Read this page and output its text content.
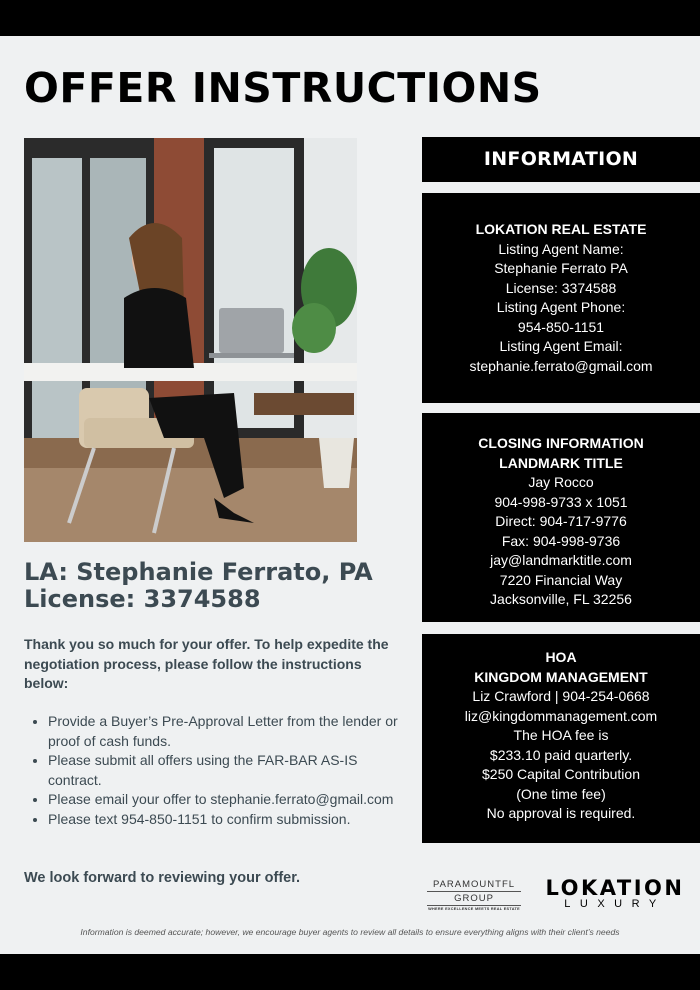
OFFER INSTRUCTIONS
LA: Stephanie Ferrato, PA
License: 3374588

Thank you so much for your offer. To help expedite the negotiation process, please follow the instructions below:

• Provide a Buyer’s Pre-Approval Letter from the lender or proof of cash funds.
• Please submit all offers using the FAR-BAR AS-IS contract.
• Please email your offer to stephanie.ferrato@gmail.com
• Please text 954-850-1151 to confirm submission.

We look forward to reviewing your offer.

INFORMATION
LOKATION REAL ESTATE
Listing Agent Name:
Stephanie Ferrato PA
License: 3374588
Listing Agent Phone:
954-850-1151
Listing Agent Email:
stephanie.ferrato@gmail.com
CLOSING INFORMATION
LANDMARK TITLE
Jay Rocco
904-998-9733 x 1051
Direct: 904-717-9776
Fax: 904-998-9736
jay@landmarktitle.com
7220 Financial Way
Jacksonville, FL 32256
HOA
KINGDOM MANAGEMENT
Liz Crawford | 904-254-0668
liz@kingdommanagement.com
The HOA fee is
$233.10 paid quarterly.
$250 Capital Contribution
(One time fee)
No approval is required.
PARAMOUNTFL
GROUP
WHERE EXCELLENCE MEETS REAL ESTATE
LOKATION
LUXURY

Information is deemed accurate; however, we encourage buyer agents to review all details to ensure everything aligns with their client’s needs
